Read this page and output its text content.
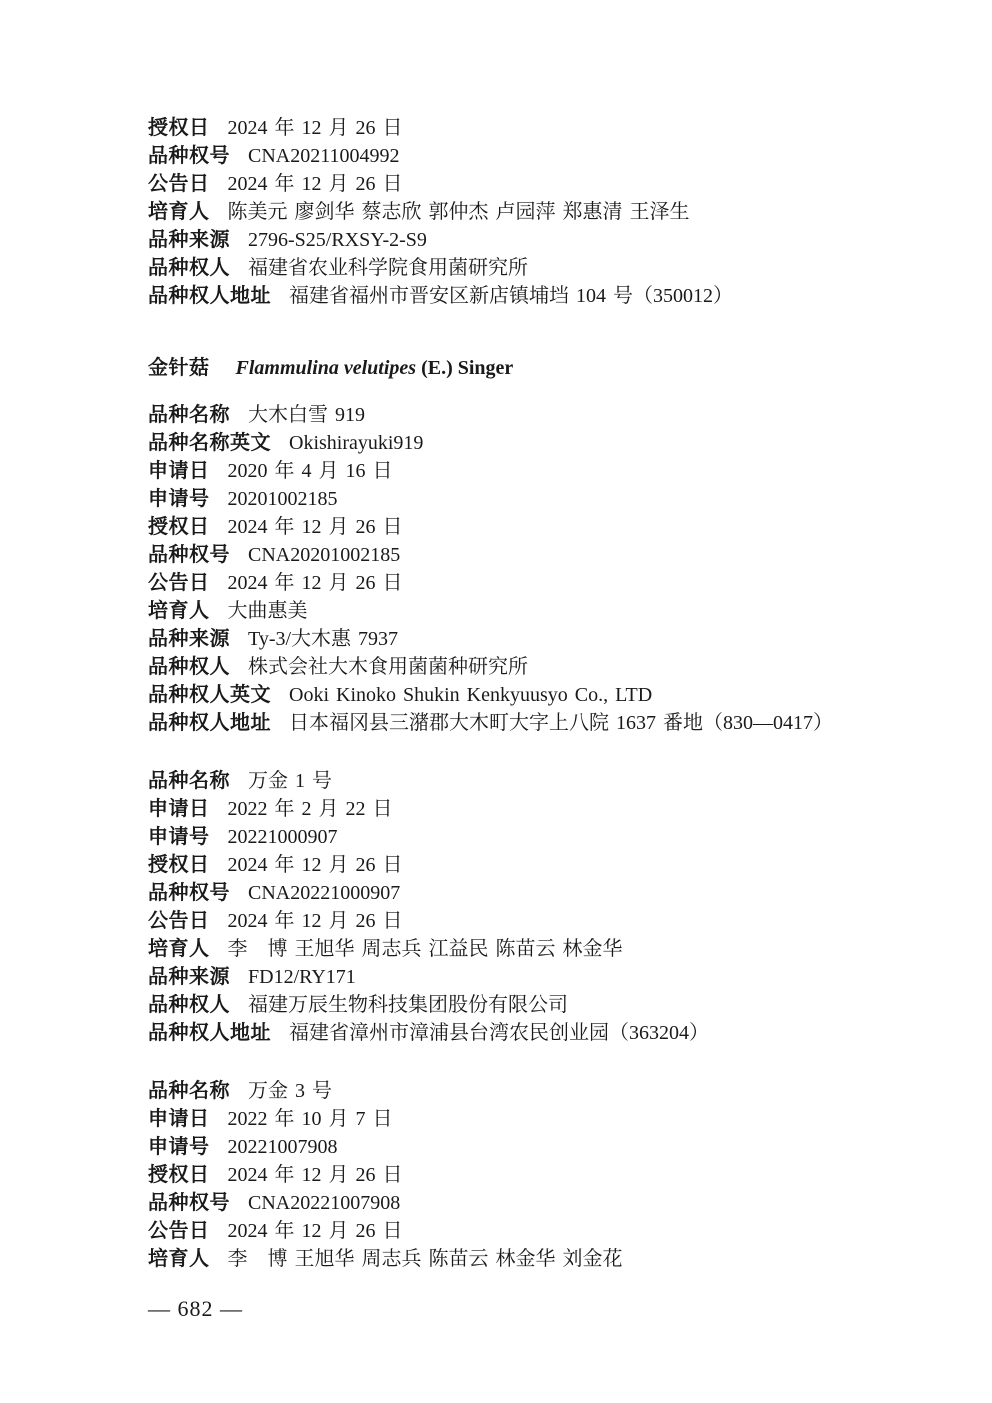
授权日 2024 年 12 月 26 日
品种权号 CNA20211004992
公告日 2024 年 12 月 26 日
培育人 陈美元 廖剑华 蔡志欣 郭仲杰 卢园萍 郑惠清 王泽生
品种来源 2796-S25/RXSY-2-S9
品种权人 福建省农业科学院食用菌研究所
品种权人地址 福建省福州市晋安区新店镇埔垱 104 号（350012）
金针菇 Flammulina velutipes (E.) Singer
品种名称 大木白雪 919
品种名称英文 Okishirayuki919
申请日 2020 年 4 月 16 日
申请号 20201002185
授权日 2024 年 12 月 26 日
品种权号 CNA20201002185
公告日 2024 年 12 月 26 日
培育人 大曲惠美
品种来源 Ty-3/大木惠 7937
品种权人 株式会社大木食用菌菌种研究所
品种权人英文 Ooki Kinoko Shukin Kenkyuusyo Co., LTD
品种权人地址 日本福冈县三潴郡大木町大字上八院 1637 番地（830—0417）
品种名称 万金 1 号
申请日 2022 年 2 月 22 日
申请号 20221000907
授权日 2024 年 12 月 26 日
品种权号 CNA20221000907
公告日 2024 年 12 月 26 日
培育人 李　博 王旭华 周志兵 江益民 陈苗云 林金华
品种来源 FD12/RY171
品种权人 福建万辰生物科技集团股份有限公司
品种权人地址 福建省漳州市漳浦县台湾农民创业园（363204）
品种名称 万金 3 号
申请日 2022 年 10 月 7 日
申请号 20221007908
授权日 2024 年 12 月 26 日
品种权号 CNA20221007908
公告日 2024 年 12 月 26 日
培育人 李　博 王旭华 周志兵 陈苗云 林金华 刘金花
— 682 —
